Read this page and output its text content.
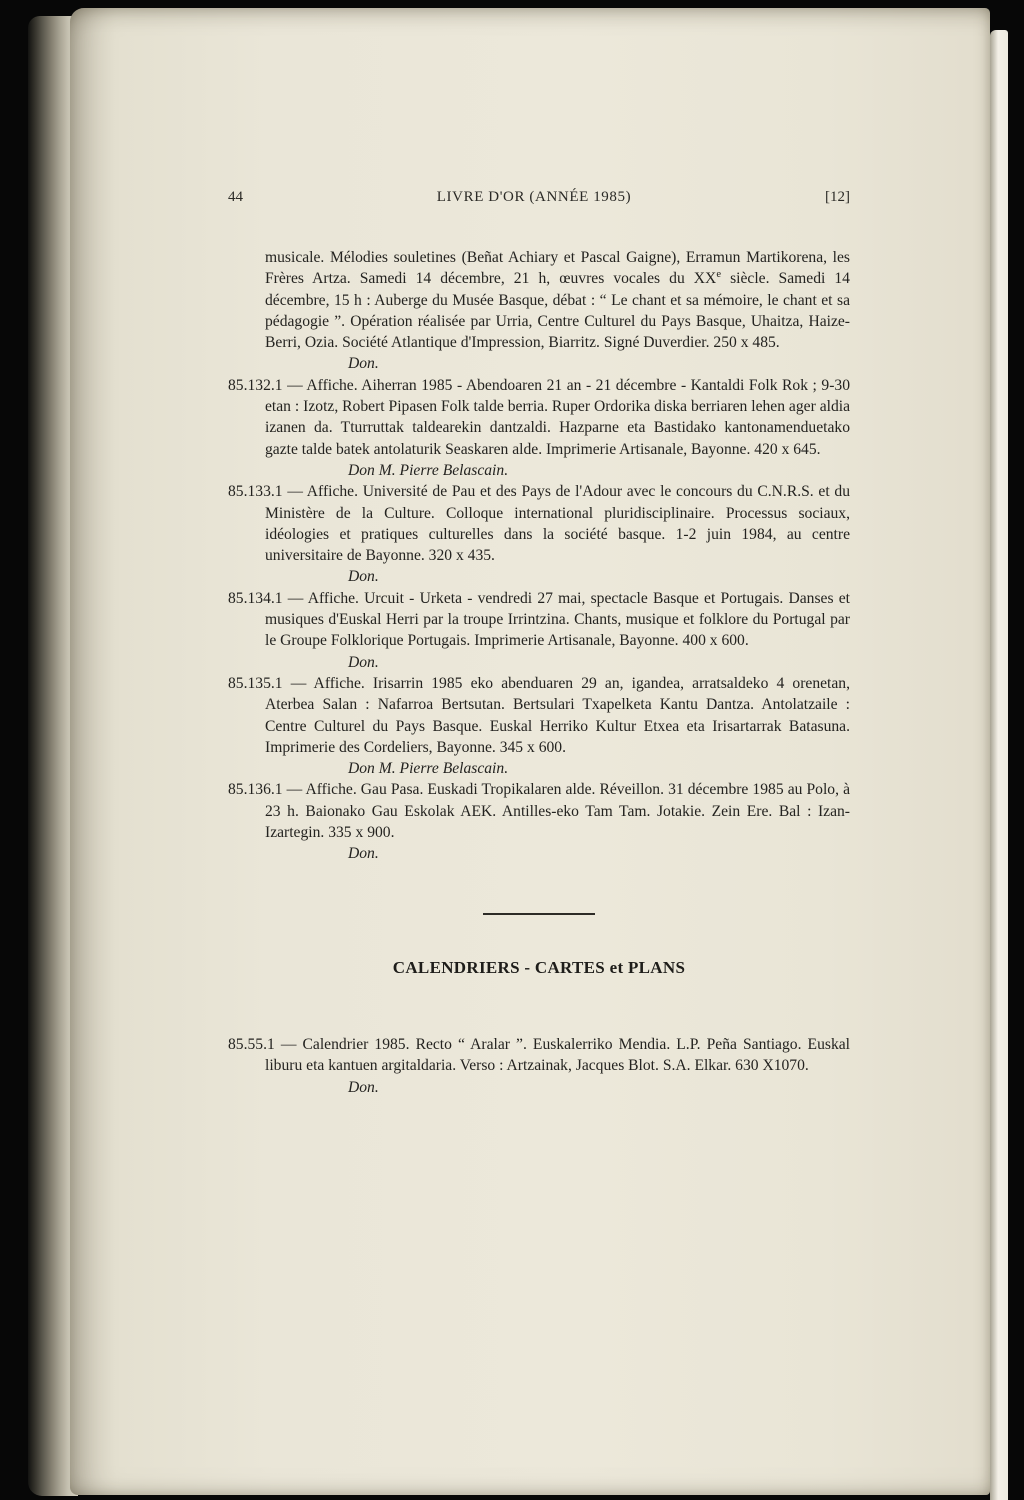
44	LIVRE D'OR (ANNÉE 1985)	[12]

musicale. Mélodies souletines (Beñat Achiary et Pascal Gaigne), Erramun Martikorena, les Frères Artza. Samedi 14 décembre, 21 h, œuvres vocales du XXe siècle. Samedi 14 décembre, 15 h : Auberge du Musée Basque, débat : “ Le chant et sa mémoire, le chant et sa pédagogie ”. Opération réalisée par Urria, Centre Culturel du Pays Basque, Uhaitza, Haize-Berri, Ozia. Société Atlantique d'Impression, Biarritz. Signé Duverdier. 250 x 485.

Don.

85.132.1 — Affiche. Aiherran 1985 - Abendoaren 21 an - 21 décembre - Kantaldi Folk Rok ; 9-30 etan : Izotz, Robert Pipasen Folk talde berria. Ruper Ordorika diska berriaren lehen ager aldia izanen da. Tturruttak taldearekin dantzaldi. Hazparne eta Bastidako kantonamenduetako gazte talde batek antolaturik Seaskaren alde. Imprimerie Artisanale, Bayonne. 420 x 645.

Don M. Pierre Belascain.

85.133.1 — Affiche. Université de Pau et des Pays de l'Adour avec le concours du C.N.R.S. et du Ministère de la Culture. Colloque international pluridisciplinaire. Processus sociaux, idéologies et pratiques culturelles dans la société basque. 1-2 juin 1984, au centre universitaire de Bayonne. 320 x 435.

Don.

85.134.1 — Affiche. Urcuit - Urketa - vendredi 27 mai, spectacle Basque et Portugais. Danses et musiques d'Euskal Herri par la troupe Irrintzina. Chants, musique et folklore du Portugal par le Groupe Folklorique Portugais. Imprimerie Artisanale, Bayonne. 400 x 600.

Don.

85.135.1 — Affiche. Irisarrin 1985 eko abenduaren 29 an, igandea, arratsaldeko 4 orenetan, Aterbea Salan : Nafarroa Bertsutan. Bertsulari Txapelketa Kantu Dantza. Antolatzaile : Centre Culturel du Pays Basque. Euskal Herriko Kultur Etxea eta Irisartarrak Batasuna. Imprimerie des Cordeliers, Bayonne. 345 x 600.

Don M. Pierre Belascain.

85.136.1 — Affiche. Gau Pasa. Euskadi Tropikalaren alde. Réveillon. 31 décembre 1985 au Polo, à 23 h. Baionako Gau Eskolak AEK. Antilles-eko Tam Tam. Jotakie. Zein Ere. Bal : Izan-Izartegin. 335 x 900.

Don.

CALENDRIERS - CARTES et PLANS

85.55.1 — Calendrier 1985. Recto “ Aralar ”. Euskalerriko Mendia. L.P. Peña Santiago. Euskal liburu eta kantuen argitaldaria. Verso : Artzainak, Jacques Blot. S.A. Elkar. 630 X1070.

Don.
